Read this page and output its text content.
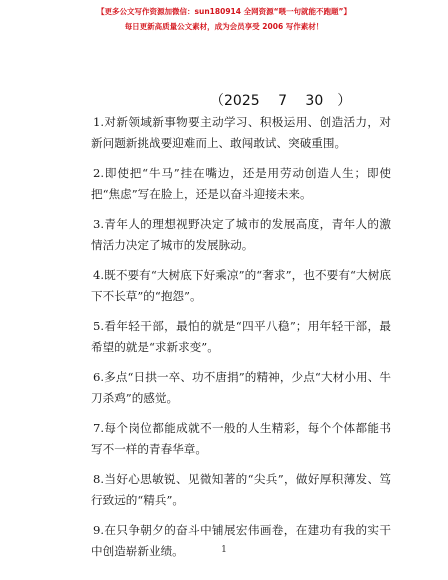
【更多公文写作资源加微信：sun180914 全网资源“喂一句就能不跑题”】
每日更新高质量公文素材，成为会员享受 2006 写作素材！
（2025　 7　 30　）
1.对新领域新事物要主动学习、积极运用、创造活力，对新问题新挑战要迎难而上、敢闯敢试、突破重围。
2.即使把“牛马”挂在嘴边，还是用劳动创造人生；即使把“焦虑”写在脸上，还是以奋斗迎接未来。
3.青年人的理想视野决定了城市的发展高度，青年人的激情活力决定了城市的发展脉动。
4.既不要有“大树底下好乘凉”的“奢求”，也不要有“大树底下不长草”的“抱怨”。
5.看年轻干部，最怕的就是“四平八稳”；用年轻干部，最希望的就是“求新求变”。
6.多点“日拱一卒、功不唐捐”的精神，少点“大材小用、牛刀杀鸡”的感觉。
7.每个岗位都能成就不一般的人生精彩，每个个体都能书写不一样的青春华章。
8.当好心思敏锐、见微知著的“尖兵”，做好厚积薄发、笃行致远的“精兵”。
9.在只争朝夕的奋斗中铺展宏伟画卷，在建功有我的实干中创造崭新业绩。	1
